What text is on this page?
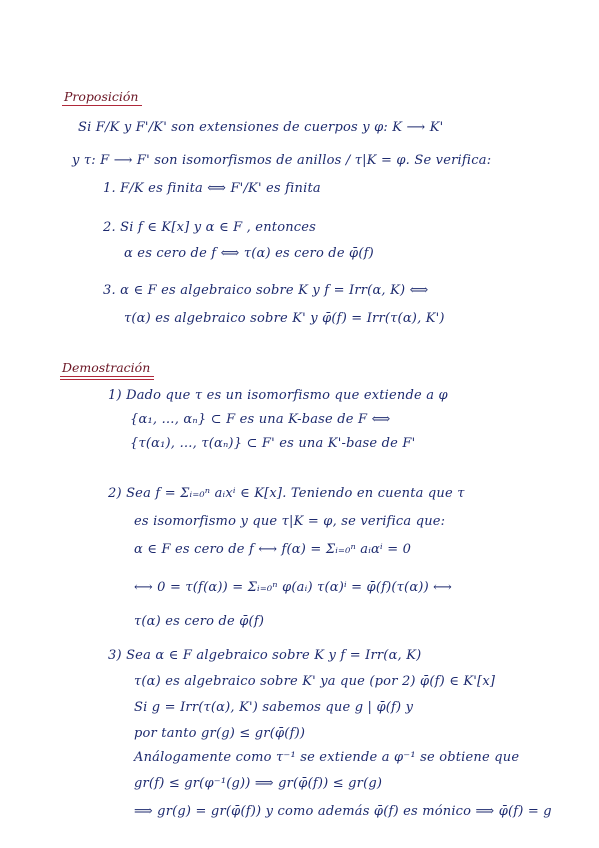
Proposición
Si F/K y F'/K' son extensiones de cuerpos y φ: K ⟶ K'
y τ: F ⟶ F' son isomorfismos de anillos / τ|K = φ. Se verifica:
1. F/K es finita ⟺ F'/K' es finita
2. Si f ∈ K[x] y α ∈ F , entonces
α es cero de f ⟺ τ(α) es cero de φ̄(f)
3. α ∈ F es algebraico sobre K y f = Irr(α, K) ⟺
τ(α) es algebraico sobre K' y φ̄(f) = Irr(τ(α), K')
Demostración
1) Dado que τ es un isomorfismo que extiende a φ
{α₁, …, αₙ} ⊂ F es una K-base de F ⟺
{τ(α₁), …, τ(αₙ)} ⊂ F' es una K'-base de F'
2) Sea f = Σᵢ₌₀ⁿ aᵢxⁱ ∈ K[x]. Teniendo en cuenta que τ
es isomorfismo y que τ|K = φ, se verifica que:
α ∈ F es cero de f ⟷ f(α) = Σᵢ₌₀ⁿ aᵢαⁱ = 0
⟷ 0 = τ(f(α)) = Σᵢ₌₀ⁿ φ(aᵢ) τ(α)ⁱ = φ̄(f)(τ(α)) ⟷
τ(α) es cero de φ̄(f)
3) Sea α ∈ F algebraico sobre K y f = Irr(α, K)
τ(α) es algebraico sobre K' ya que (por 2) φ̄(f) ∈ K'[x]
Si g = Irr(τ(α), K') sabemos que g | φ̄(f) y
por tanto gr(g) ≤ gr(φ̄(f))
Análogamente como τ⁻¹ se extiende a φ⁻¹ se obtiene que
gr(f) ≤ gr(φ⁻¹(g)) ⟹ gr(φ̄(f)) ≤ gr(g)
⟹ gr(g) = gr(φ̄(f)) y como además φ̄(f) es mónico ⟹ φ̄(f) = g
